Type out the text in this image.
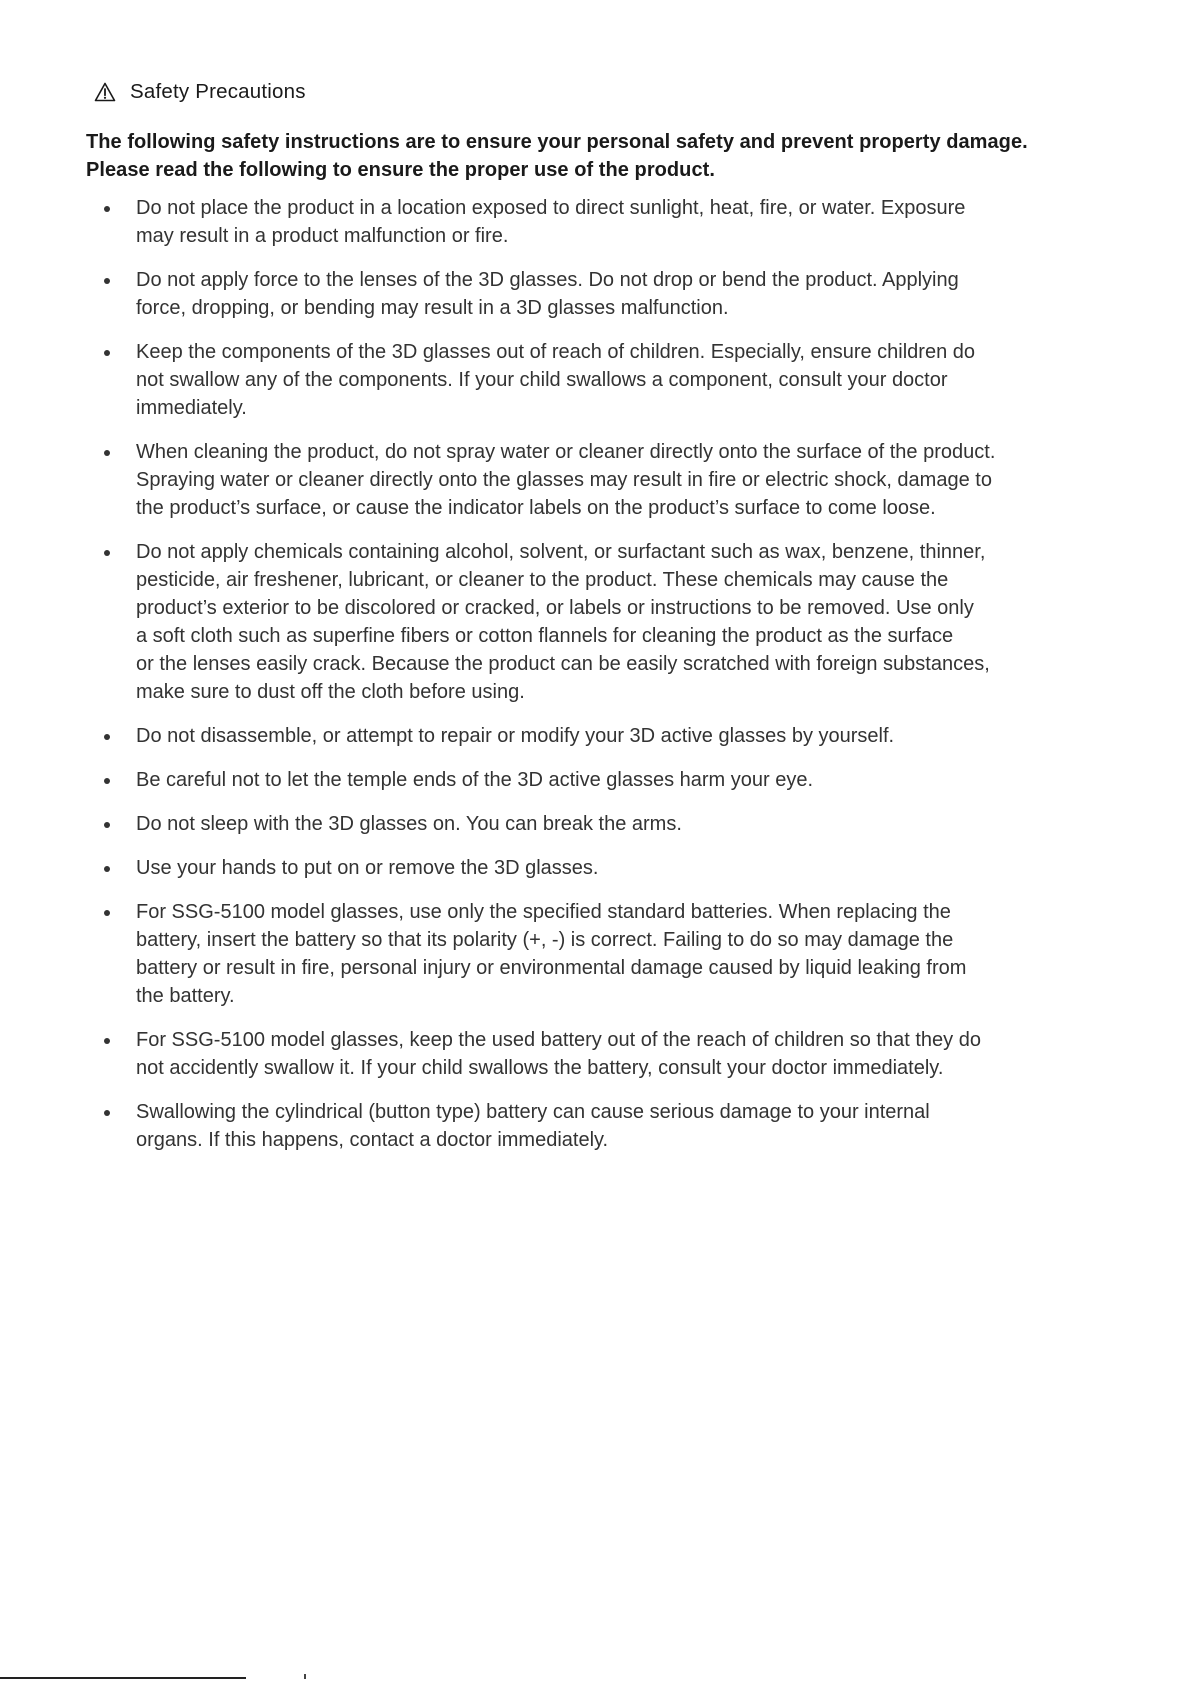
Safety Precautions

The following safety instructions are to ensure your personal safety and prevent property damage.

Please read the following to ensure the proper use of the product.

Do not place the product in a location exposed to direct sunlight, heat, fire, or water. Exposure
may result in a product malfunction or fire.
Do not apply force to the lenses of the 3D glasses. Do not drop or bend the product. Applying
force, dropping, or bending may result in a 3D glasses malfunction.
Keep the components of the 3D glasses out of reach of children. Especially, ensure children do
not swallow any of the components. If your child swallows a component, consult your doctor
immediately.
When cleaning the product, do not spray water or cleaner directly onto the surface of the product.
Spraying water or cleaner directly onto the glasses may result in fire or electric shock, damage to
the product’s surface, or cause the indicator labels on the product’s surface to come loose.
Do not apply chemicals containing alcohol, solvent, or surfactant such as wax, benzene, thinner,
pesticide, air freshener, lubricant, or cleaner to the product. These chemicals may cause the
product’s exterior to be discolored or cracked, or labels or instructions to be removed. Use only
a soft cloth such as superfine fibers or cotton flannels for cleaning the product as the surface
or the lenses easily crack. Because the product can be easily scratched with foreign substances,
make sure to dust off the cloth before using.
Do not disassemble, or attempt to repair or modify your 3D active glasses by yourself.
Be careful not to let the temple ends of the 3D active glasses harm your eye.
Do not sleep with the 3D glasses on. You can break the arms.
Use your hands to put on or remove the 3D glasses.
For SSG-5100 model glasses, use only the specified standard batteries. When replacing the
battery, insert the battery so that its polarity (+, -) is correct. Failing to do so may damage the
battery or result in fire, personal injury or environmental damage caused by liquid leaking from
the battery.
For SSG-5100 model glasses, keep the used battery out of the reach of children so that they do
not accidently swallow it. If your child swallows the battery, consult your doctor immediately.
Swallowing the cylindrical (button type) battery can cause serious damage to your internal
organs. If this happens, contact a doctor immediately.
